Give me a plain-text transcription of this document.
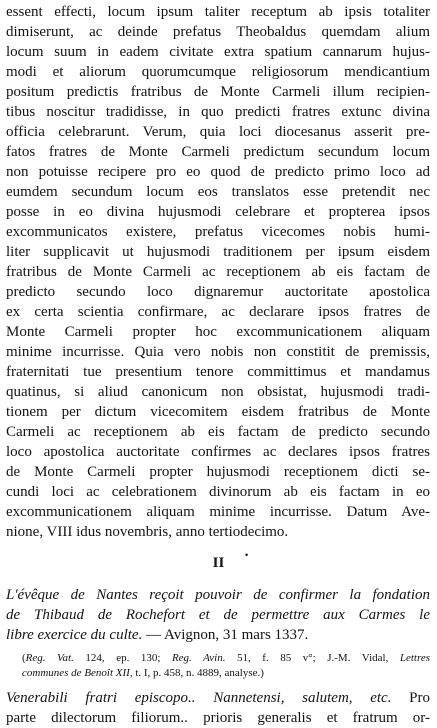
essent effecti, locum ipsum taliter receptum ab ipsis totaliter
dimiserunt, ac deinde prefatus Theobaldus quemdam alium
locum suum in eadem civitate extra spatium cannarum hujus-
modi et aliorum quorumcumque religiosorum mendicantium
positum predictis fratribus de Monte Carmeli illum recipien-
tibus noscitur tradidisse, in quo predicti fratres extunc divina
officia celebrarunt. Verum, quia loci diocesanus asserit pre-
fatos fratres de Monte Carmeli predictum secundum locum
non potuisse recipere pro eo quod de predicto primo loco ad
eumdem secundum locum eos translatos esse pretendit nec
posse in eo divina hujusmodi celebrare et propterea ipsos
excommunicatos existere, prefatus vicecomes nobis humi-
liter supplicavit ut hujusmodi traditionem per ipsum eisdem
fratribus de Monte Carmeli ac receptionem ab eis factam de
predicto secundo loco dignaremur auctoritate apostolica
ex certa scientia confirmare, ac declarare ipsos fratres de
Monte Carmeli propter hoc excommunicationem aliquam
minime incurrisse. Quia vero nobis non constitit de premissis,
fraternitati tue presentium tenore committimus et mandamus
quatinus, si aliud canonicum non obsistat, hujusmodi tradi-
tionem per dictum vicecomitem eisdem fratribus de Monte
Carmeli ac receptionem ab eis factam de predicto secundo
loco apostolica auctoritate confirmes ac declares ipsos fratres
de Monte Carmeli propter hujusmodi receptionem dicti se-
cundi loci ac celebrationem divinorum ab eis factam in eo
excommunicationem aliquam minime incurrisse. Datum Ave-
nione, VIII idus novembris, anno tertiodecimo.
II •
L'évêque de Nantes reçoit pouvoir de confirmer la fondation
de Thibaud de Rochefort et de permettre aux Carmes le
libre exercice du culte. — Avignon, 31 mars 1337.
(Reg. Vat. 124, ep. 130; Reg. Avin. 51, f. 85 v°; J.-M. Vidal, Lettres
communes de Benoît XII, t. I, p. 458, n. 4889, analyse.)
Venerabili fratri episcopo.. Nannetensi, salutem, etc. Pro
parte dilectorum filiorum.. prioris generalis et fratrum or-
